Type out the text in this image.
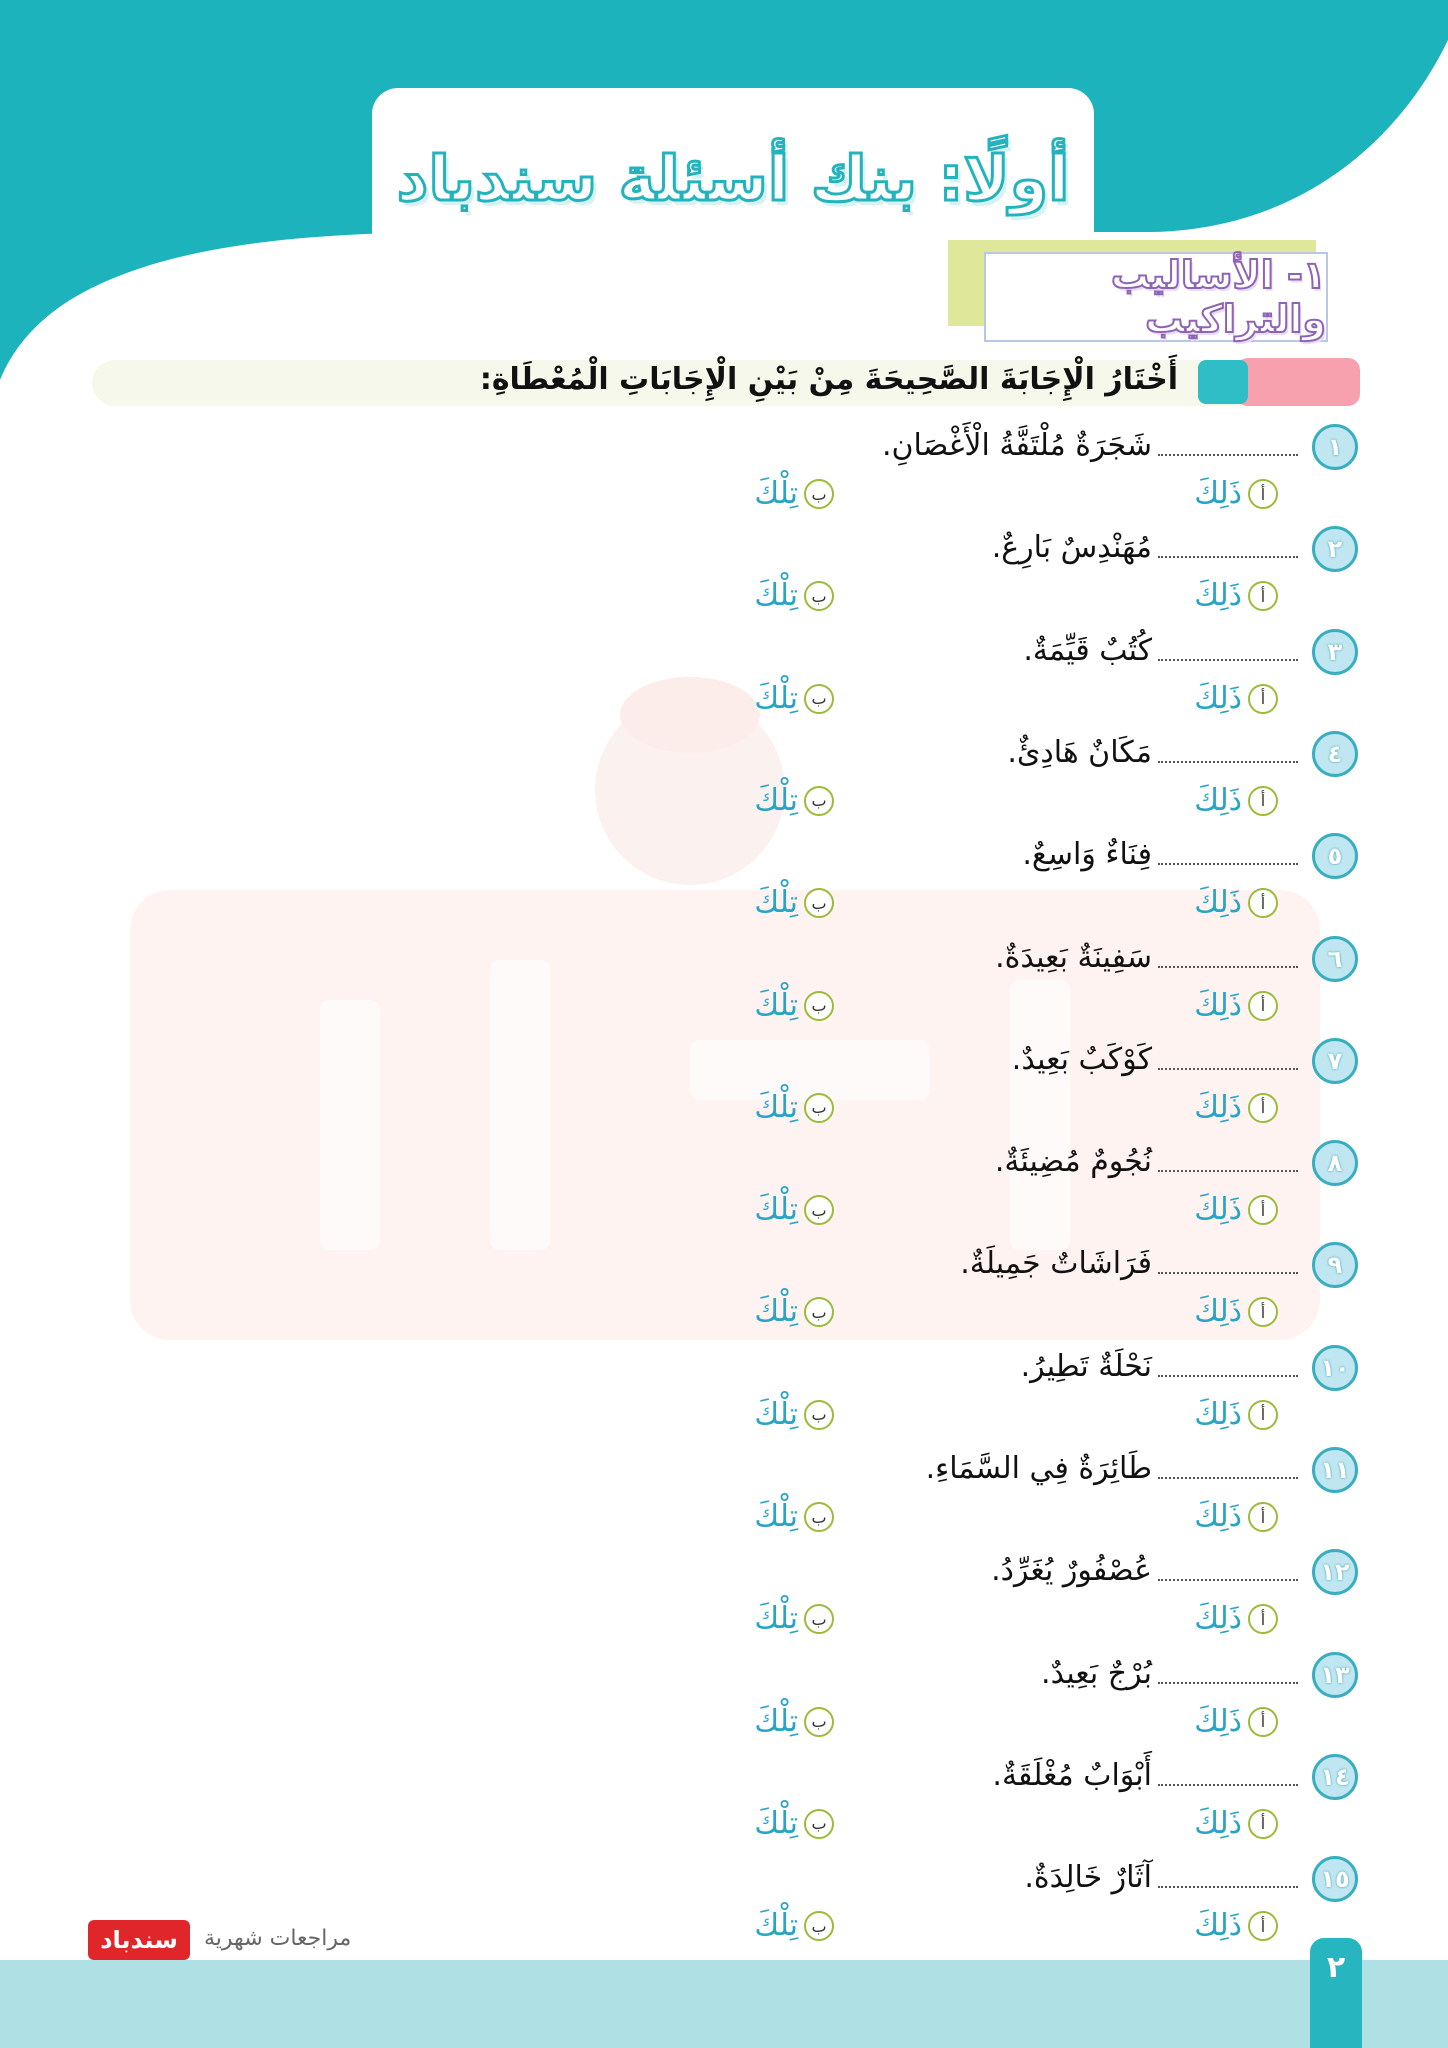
أولًا: بنك أسئلة سندباد
١- الأساليب والتراكيب
أَخْتَارُ الْإِجَابَةَ الصَّحِيحَةَ مِنْ بَيْنِ الْإِجَابَاتِ الْمُعْطَاةِ:
١
شَجَرَةٌ مُلْتَفَّةُ الْأَغْصَانِ.
أ
ذَلِكَ
ب
تِلْكَ
٢
مُهَنْدِسٌ بَارِعٌ.
أ
ذَلِكَ
ب
تِلْكَ
٣
كُتُبٌ قَيِّمَةٌ.
أ
ذَلِكَ
ب
تِلْكَ
٤
مَكَانٌ هَادِئٌ.
أ
ذَلِكَ
ب
تِلْكَ
٥
فِنَاءٌ وَاسِعٌ.
أ
ذَلِكَ
ب
تِلْكَ
٦
سَفِينَةٌ بَعِيدَةٌ.
أ
ذَلِكَ
ب
تِلْكَ
٧
كَوْكَبٌ بَعِيدٌ.
أ
ذَلِكَ
ب
تِلْكَ
٨
نُجُومٌ مُضِيئَةٌ.
أ
ذَلِكَ
ب
تِلْكَ
٩
فَرَاشَاتٌ جَمِيلَةٌ.
أ
ذَلِكَ
ب
تِلْكَ
١٠
نَحْلَةٌ تَطِيرُ.
أ
ذَلِكَ
ب
تِلْكَ
١١
طَائِرَةٌ فِي السَّمَاءِ.
أ
ذَلِكَ
ب
تِلْكَ
١٢
عُصْفُورٌ يُغَرِّدُ.
أ
ذَلِكَ
ب
تِلْكَ
١٣
بُرْجٌ بَعِيدٌ.
أ
ذَلِكَ
ب
تِلْكَ
١٤
أَبْوَابٌ مُغْلَقَةٌ.
أ
ذَلِكَ
ب
تِلْكَ
١٥
آثَارٌ خَالِدَةٌ.
أ
ذَلِكَ
ب
تِلْكَ
٢
سندباد مراجعات شهرية
